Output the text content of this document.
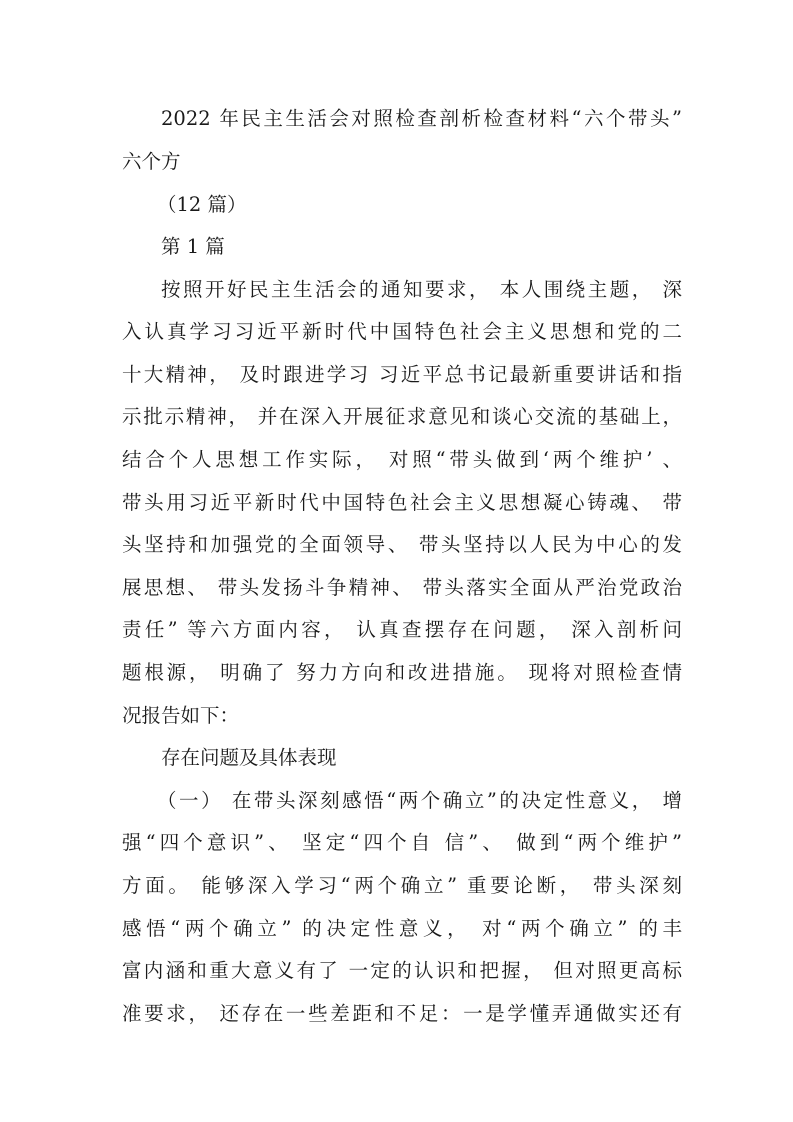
2022 年民主生活会对照检查剖析检查材料“六个带头”
六个方
（12 篇）
第 1 篇
按照开好民主生活会的通知要求， 本人围绕主题， 深
入认真学习习近平新时代中国特色社会主义思想和党的二
十大精神， 及时跟进学习 习近平总书记最新重要讲话和指
示批示精神， 并在深入开展征求意见和谈心交流的基础上，
结合个人思想工作实际， 对照“带头做到‘两个维护’ 、
带头用习近平新时代中国特色社会主义思想凝心铸魂、 带
头坚持和加强党的全面领导、 带头坚持以人民为中心的发
展思想、 带头发扬斗争精神、 带头落实全面从严治党政治
责任” 等六方面内容， 认真查摆存在问题， 深入剖析问
题根源， 明确了 努力方向和改进措施。 现将对照检查情
况报告如下：
存在问题及具体表现
（一） 在带头深刻感悟“两个确立”的决定性意义， 增
强“四个意识”、 坚定“四个自 信”、 做到“两个维护”
方面。 能够深入学习“两个确立” 重要论断， 带头深刻
感悟“两个确立” 的决定性意义， 对“两个确立” 的丰
富内涵和重大意义有了 一定的认识和把握， 但对照更高标
准要求， 还存在一些差距和不足：一是学懂弄通做实还有
